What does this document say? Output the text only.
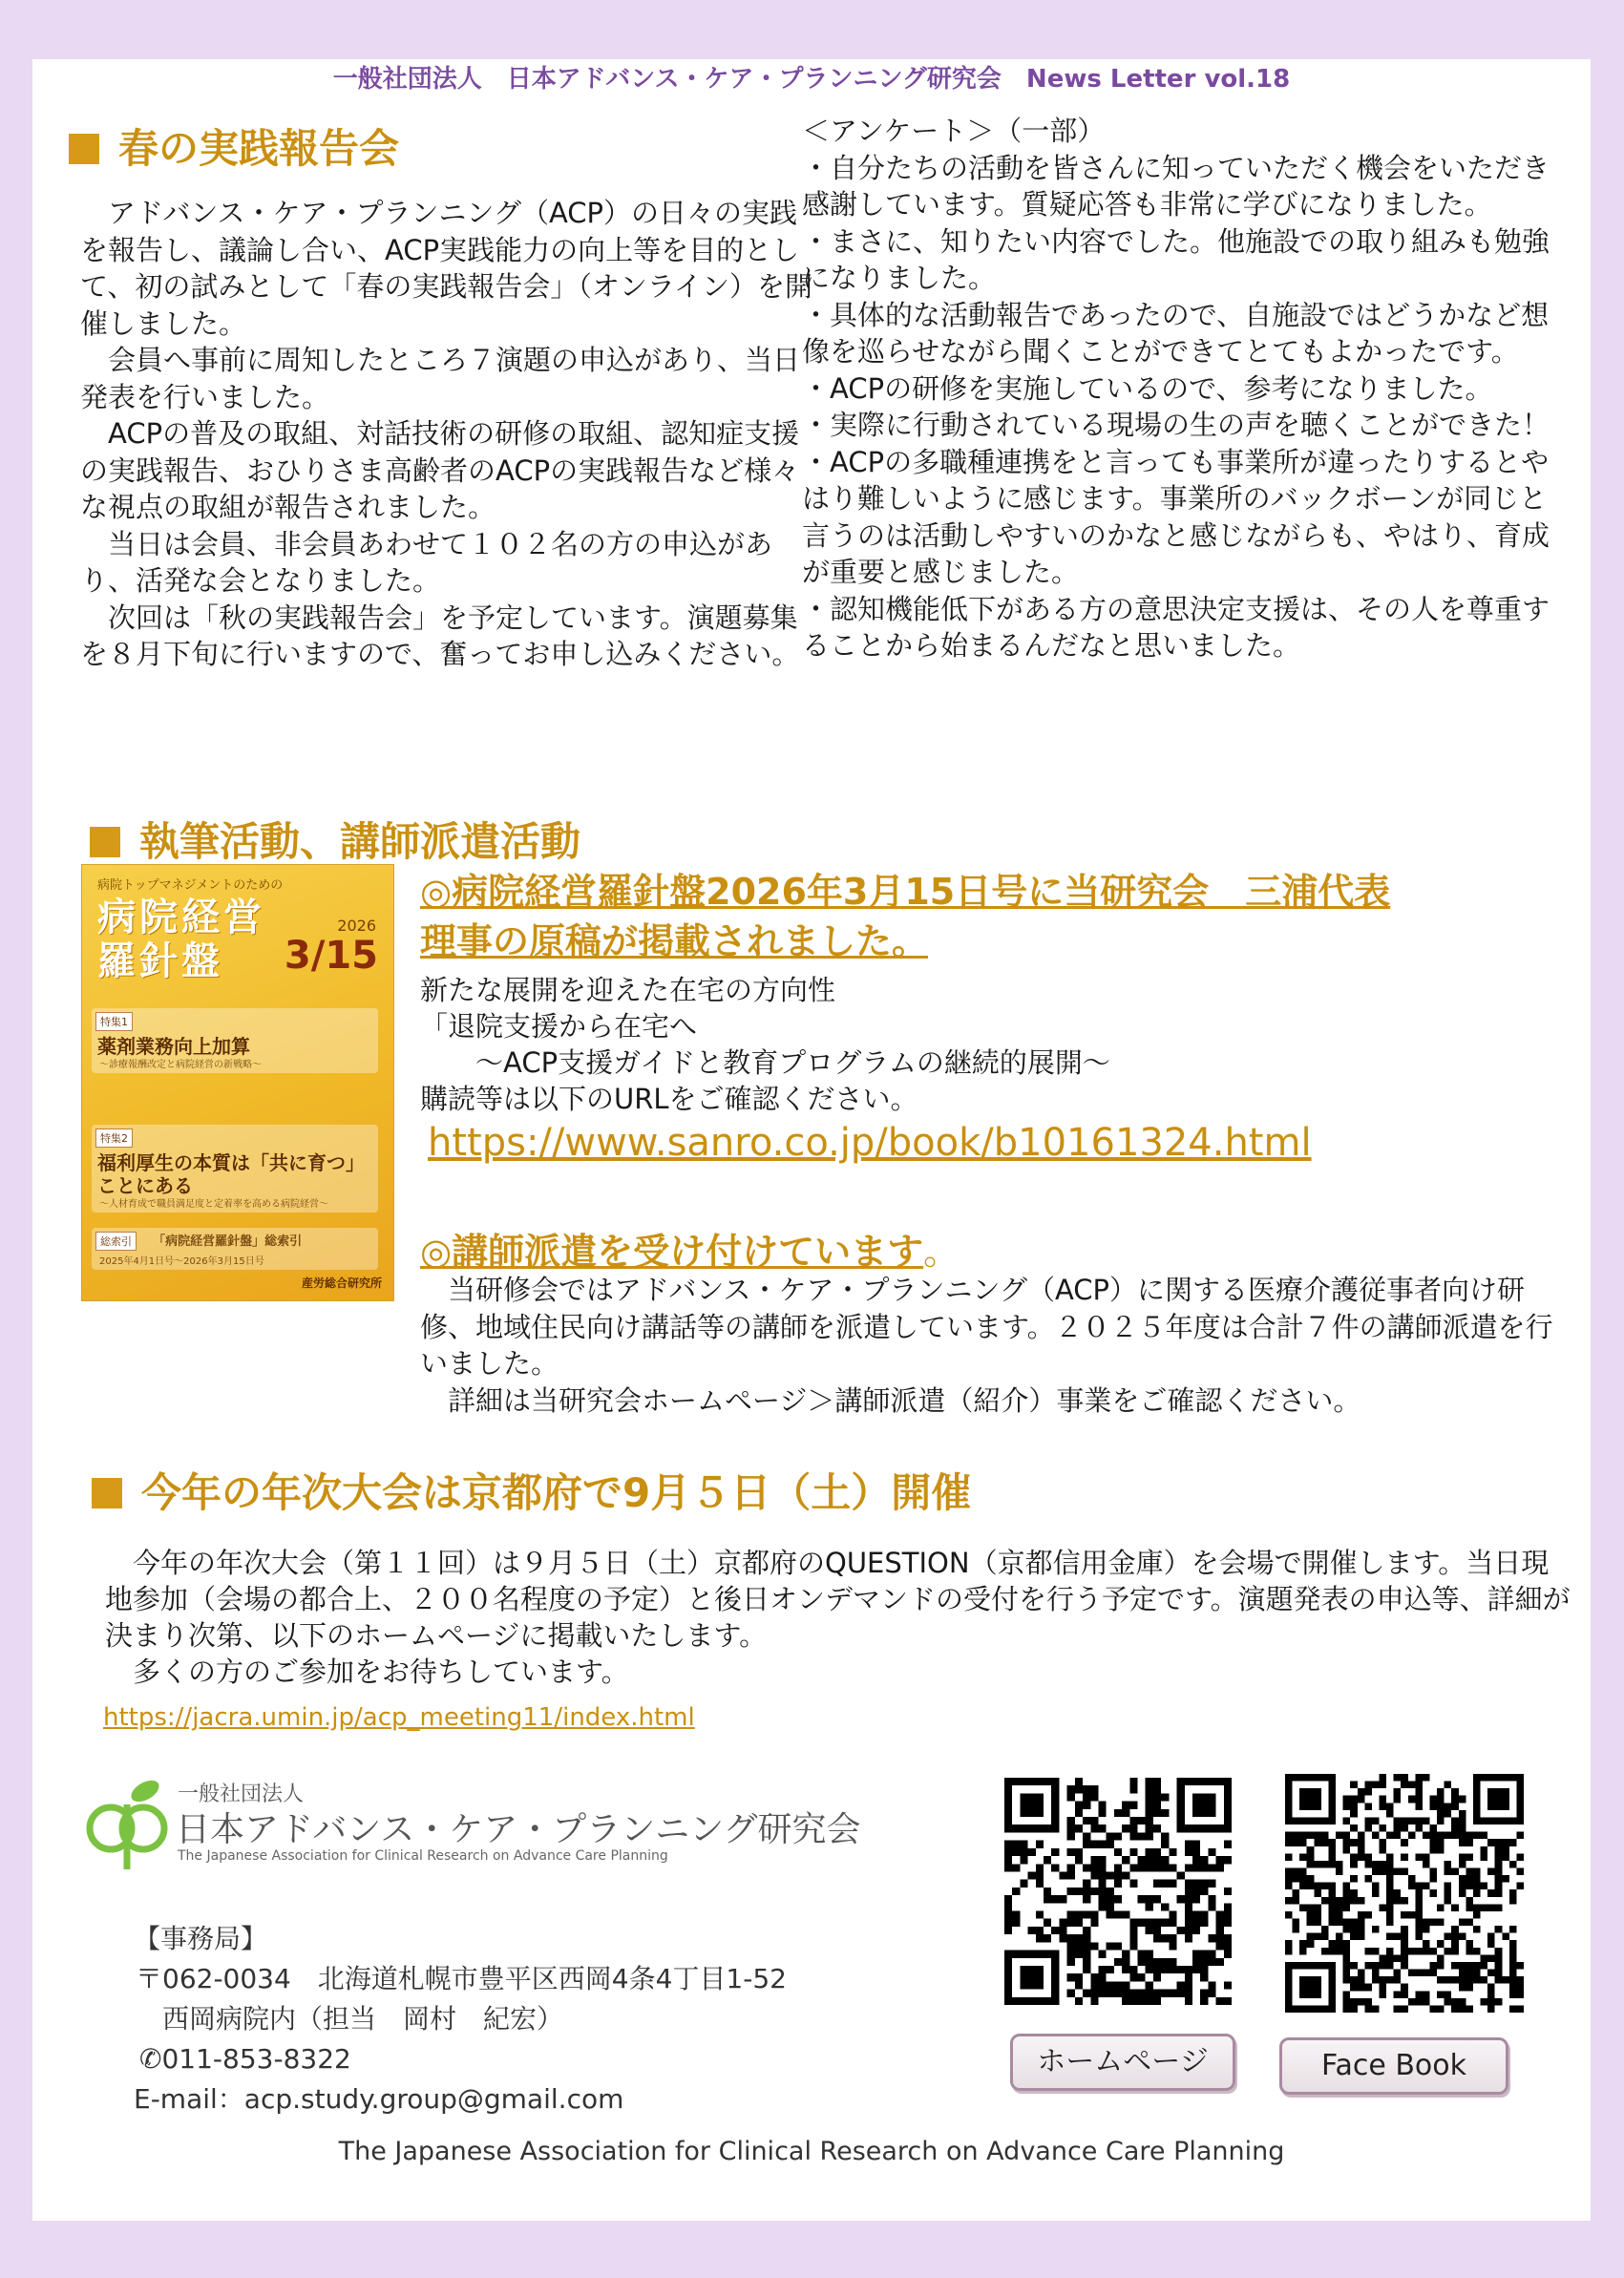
一般社団法人　日本アドバンス・ケア・プランニング研究会　News Letter vol.18
春の実践報告会

　アドバンス・ケア・プランニング（ACP）の日々の実践を報告し、議論し合い、ACP実践能力の向上等を目的として、初の試みとして「春の実践報告会」（オンライン）を開催しました。

　会員へ事前に周知したところ７演題の申込があり、当日発表を行いました。

　ACPの普及の取組、対話技術の研修の取組、認知症支援の実践報告、おひりさま高齢者のACPの実践報告など様々な視点の取組が報告されました。

　当日は会員、非会員あわせて１０２名の方の申込があり、活発な会となりました。

　次回は「秋の実践報告会」を予定しています。演題募集を８月下旬に行いますので、奮ってお申し込みください。

＜アンケート＞（一部）

・自分たちの活動を皆さんに知っていただく機会をいただき感謝しています。質疑応答も非常に学びになりました。

・まさに、知りたい内容でした。他施設での取り組みも勉強になりました。

・具体的な活動報告であったので、自施設ではどうかなど想像を巡らせながら聞くことができてとてもよかったです。

・ACPの研修を実施しているので、参考になりました。

・実際に行動されている現場の生の声を聴くことができた！

・ACPの多職種連携をと言っても事業所が違ったりするとやはり難しいように感じます。事業所のバックボーンが同じと言うのは活動しやすいのかなと感じながらも、やはり、育成が重要と感じました。

・認知機能低下がある方の意思決定支援は、その人を尊重することから始まるんだなと思いました。

執筆活動、講師派遣活動
病院トップマネジメントのための
病院経営
羅針盤
2026
3/15
特集1
薬剤業務向上加算
～診療報酬改定と病院経営の新戦略～
特集2
福利厚生の本質は「共に育つ」ことにある
～人材育成で職員満足度と定着率を高める病院経営～
総索引 「病院経営羅針盤」総索引
2025年4月1日号～2026年3月15日号
産労総合研究所
◎病院経営羅針盤2026年3月15日号に当研究会　三浦代表
理事の原稿が掲載されました。

新たな展開を迎えた在宅の方向性

「退院支援から在宅へ

　　～ACP支援ガイドと教育プログラムの継続的展開～

購読等は以下のURLをご確認ください。

https://www.sanro.co.jp/book/b10161324.html
◎講師派遣を受け付けています。

　当研修会ではアドバンス・ケア・プランニング（ACP）に関する医療介護従事者向け研修、地域住民向け講話等の講師を派遣しています。２０２５年度は合計７件の講師派遣を行いました。

　詳細は当研究会ホームページ＞講師派遣（紹介）事業をご確認ください。

今年の年次大会は京都府で9月５日（土）開催

　今年の年次大会（第１１回）は９月５日（土）京都府のQUESTION（京都信用金庫）を会場で開催します。当日現地参加（会場の都合上、２００名程度の予定）と後日オンデマンドの受付を行う予定です。演題発表の申込等、詳細が決まり次第、以下のホームページに掲載いたします。

　多くの方のご参加をお待ちしています。

https://jacra.umin.jp/acp_meeting11/index.html
一般社団法人
日本アドバンス・ケア・プランニング研究会
The Japanese Association for Clinical Research on Advance Care Planning
【事務局】
〒062-0034　北海道札幌市豊平区西岡4条4丁目1-52
　西岡病院内（担当　岡村　紀宏）
✆011-853-8322
E-mail：acp.study.group@gmail.com
ホームページ	Face Book
The Japanese Association for Clinical Research on Advance Care Planning
